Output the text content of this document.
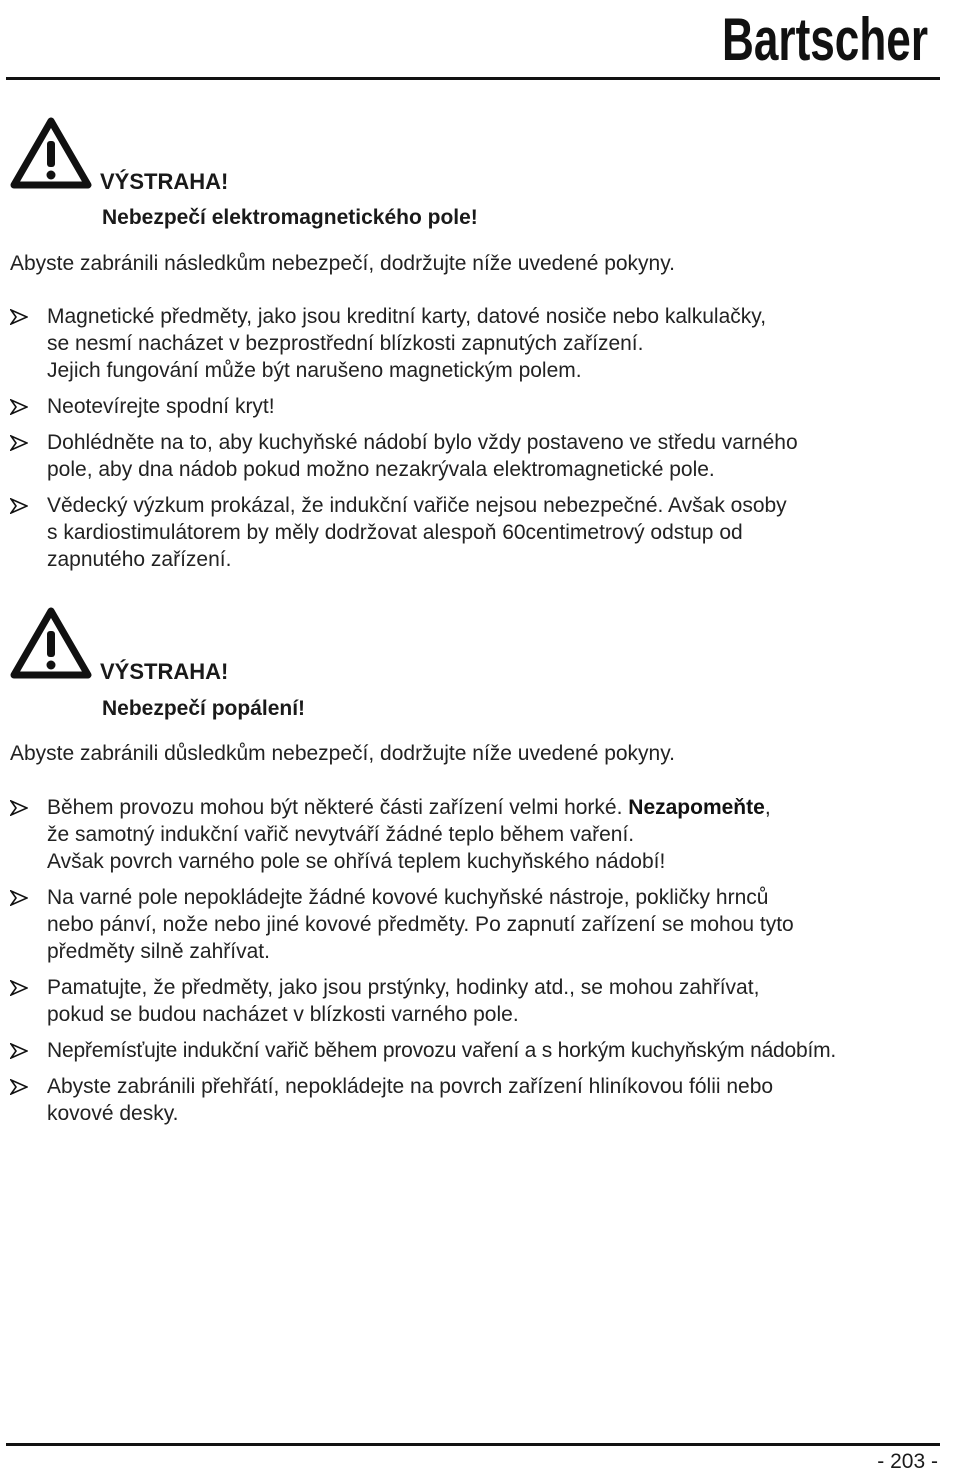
Bartscher
VÝSTRAHA!
Nebezpečí elektromagnetického pole!
Abyste zabránili následkům nebezpečí, dodržujte níže uvedené pokyny.
Magnetické předměty, jako jsou kreditní karty, datové nosiče nebo kalkulačky,
se nesmí nacházet v bezprostřední blízkosti zapnutých zařízení.
Jejich fungování může být narušeno magnetickým polem.
Neotevírejte spodní kryt!
Dohlédněte na to, aby kuchyňské nádobí bylo vždy postaveno ve středu varného
pole, aby dna nádob pokud možno nezakrývala elektromagnetické pole.
Vědecký výzkum prokázal, že indukční vařiče nejsou nebezpečné. Avšak osoby
s kardiostimulátorem by měly dodržovat alespoň 60centimetrový odstup od
zapnutého zařízení.
VÝSTRAHA!
Nebezpečí popálení!
Abyste zabránili důsledkům nebezpečí, dodržujte níže uvedené pokyny.
Během provozu mohou být některé části zařízení velmi horké. Nezapomeňte,
že samotný indukční vařič nevytváří žádné teplo během vaření.
Avšak povrch varného pole se ohřívá teplem kuchyňského nádobí!
Na varné pole nepokládejte žádné kovové kuchyňské nástroje, pokličky hrnců
nebo pánví, nože nebo jiné kovové předměty. Po zapnutí zařízení se mohou tyto
předměty silně zahřívat.
Pamatujte, že předměty, jako jsou prstýnky, hodinky atd., se mohou zahřívat,
pokud se budou nacházet v blízkosti varného pole.
Nepřemísťujte indukční vařič během provozu vaření a s horkým kuchyňským nádobím.
Abyste zabránili přehřátí, nepokládejte na povrch zařízení hliníkovou fólii nebo
kovové desky.
- 203 -
